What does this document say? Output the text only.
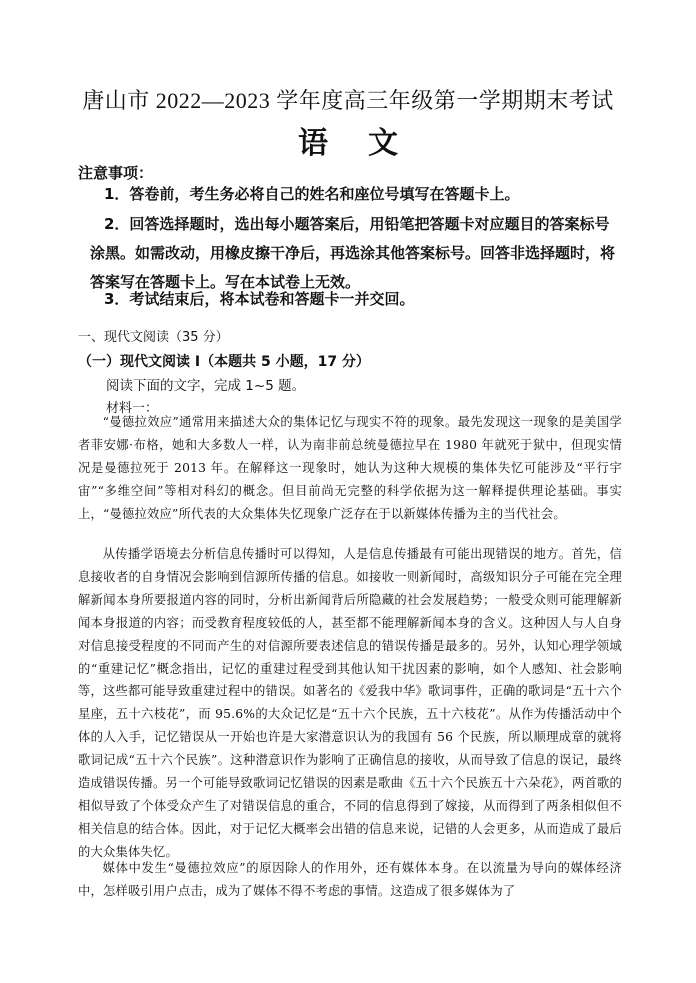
唐山市 2022—2023 学年度高三年级第一学期期末考试
语文
注意事项：
1．答卷前，考生务必将自己的姓名和座位号填写在答题卡上。
2．回答选择题时，选出每小题答案后，用铅笔把答题卡对应题目的答案标号涂黑。如需改动，用橡皮擦干净后，再选涂其他答案标号。回答非选择题时，将答案写在答题卡上。写在本试卷上无效。
3．考试结束后，将本试卷和答题卡一并交回。
一、现代文阅读（35 分）
（一）现代文阅读 Ⅰ（本题共 5 小题，17 分）
阅读下面的文字，完成 1~5 题。
材料一：
“曼德拉效应”通常用来描述大众的集体记忆与现实不符的现象。最先发现这一现象的是美国学者菲安娜·布格，她和大多数人一样，认为南非前总统曼德拉早在 1980 年就死于狱中，但现实情况是曼德拉死于 2013 年。在解释这一现象时，她认为这种大规模的集体失忆可能涉及“平行宇宙”“多维空间”等相对科幻的概念。但目前尚无完整的科学依据为这一解释提供理论基础。事实上，“曼德拉效应”所代表的大众集体失忆现象广泛存在于以新媒体传播为主的当代社会。
从传播学语境去分析信息传播时可以得知，人是信息传播最有可能出现错误的地方。首先，信息接收者的自身情况会影响到信源所传播的信息。如接收一则新闻时，高级知识分子可能在完全理解新闻本身所要报道内容的同时，分析出新闻背后所隐藏的社会发展趋势；一般受众则可能理解新闻本身报道的内容；而受教育程度较低的人，甚至都不能理解新闻本身的含义。这种因人与人自身对信息接受程度的不同而产生的对信源所要表述信息的错误传播是最多的。另外，认知心理学领域的“重建记忆”概念指出，记忆的重建过程受到其他认知干扰因素的影响，如个人感知、社会影响等，这些都可能导致重建过程中的错误。如著名的《爱我中华》歌词事件，正确的歌词是“五十六个星座，五十六枝花”，而 95.6%的大众记忆是“五十六个民族，五十六枝花”。从作为传播活动中个体的人入手，记忆错误从一开始也许是大家潜意识认为的我国有 56 个民族，所以顺理成章的就将歌词记成“五十六个民族”。这种潜意识作为影响了正确信息的接收，从而导致了信息的误记，最终造成错误传播。另一个可能导致歌词记忆错误的因素是歌曲《五十六个民族五十六朵花》，两首歌的相似导致了个体受众产生了对错误信息的重合，不同的信息得到了嫁接，从而得到了两条相似但不相关信息的结合体。因此，对于记忆大概率会出错的信息来说，记错的人会更多，从而造成了最后的大众集体失忆。
媒体中发生“曼德拉效应”的原因除人的作用外，还有媒体本身。在以流量为导向的媒体经济中，怎样吸引用户点击，成为了媒体不得不考虑的事情。这造成了很多媒体为了
